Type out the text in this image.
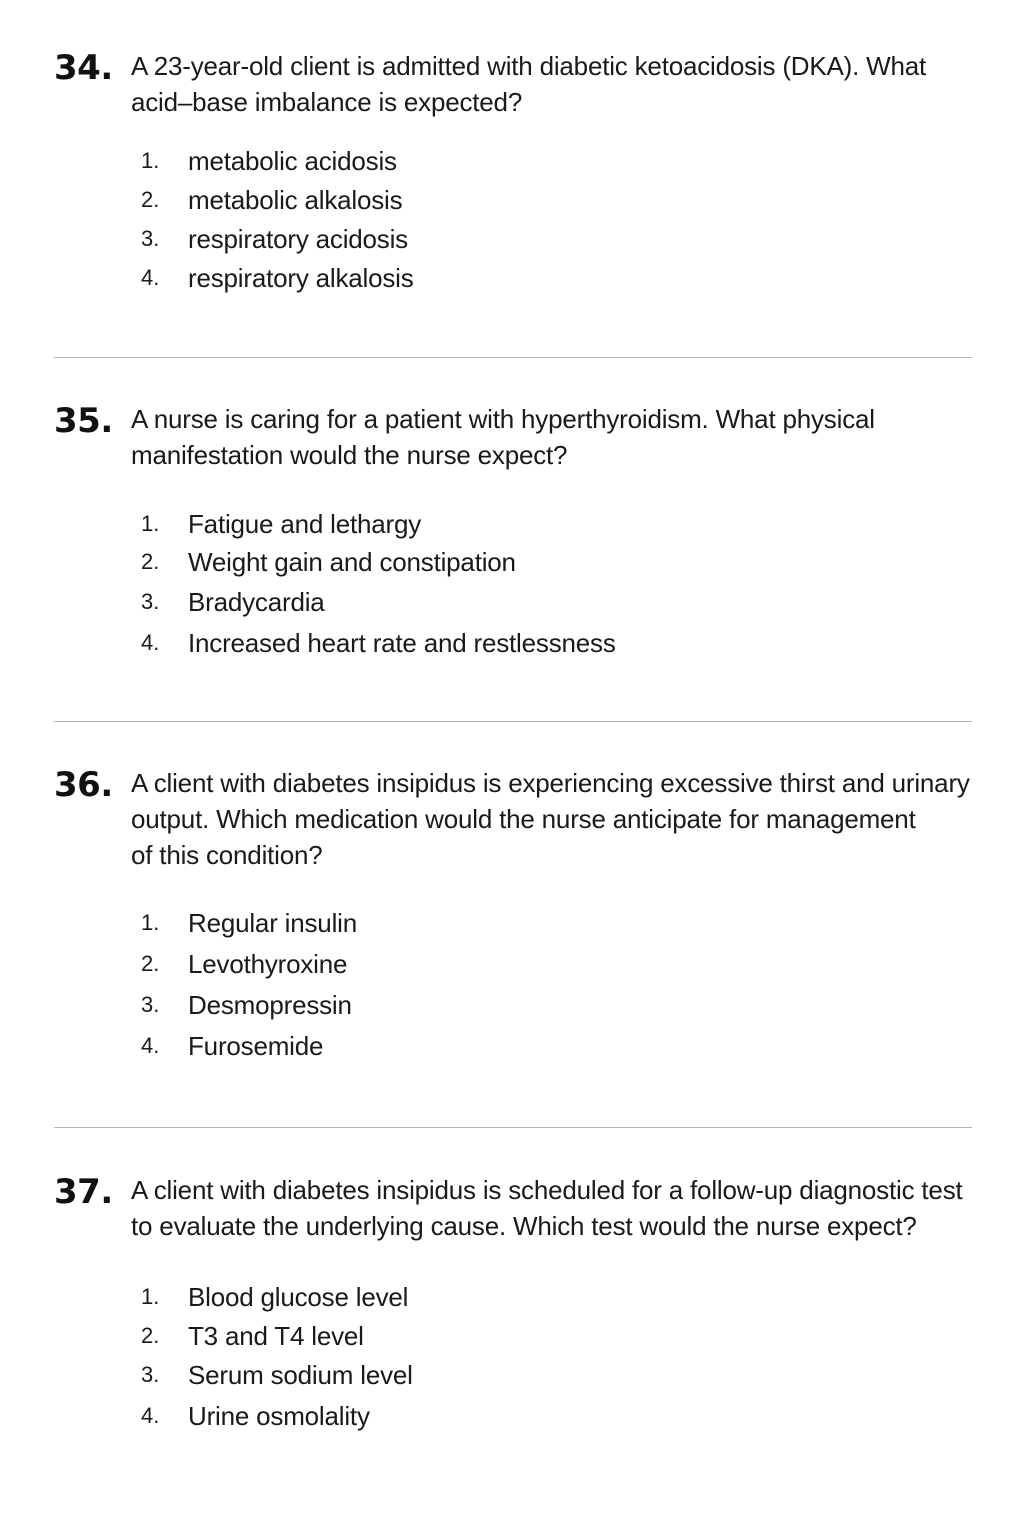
34. A 23-year-old client is admitted with diabetic ketoacidosis (DKA). What
acid–base imbalance is expected?
1. metabolic acidosis
2. metabolic alkalosis
3. respiratory acidosis
4. respiratory alkalosis
35. A nurse is caring for a patient with hyperthyroidism. What physical
manifestation would the nurse expect?
1. Fatigue and lethargy
2. Weight gain and constipation
3. Bradycardia
4. Increased heart rate and restlessness
36. A client with diabetes insipidus is experiencing excessive thirst and urinary
output. Which medication would the nurse anticipate for management
of this condition?
1. Regular insulin
2. Levothyroxine
3. Desmopressin
4. Furosemide
37. A client with diabetes insipidus is scheduled for a follow-up diagnostic test
to evaluate the underlying cause. Which test would the nurse expect?
1. Blood glucose level
2. T3 and T4 level
3. Serum sodium level
4. Urine osmolality
